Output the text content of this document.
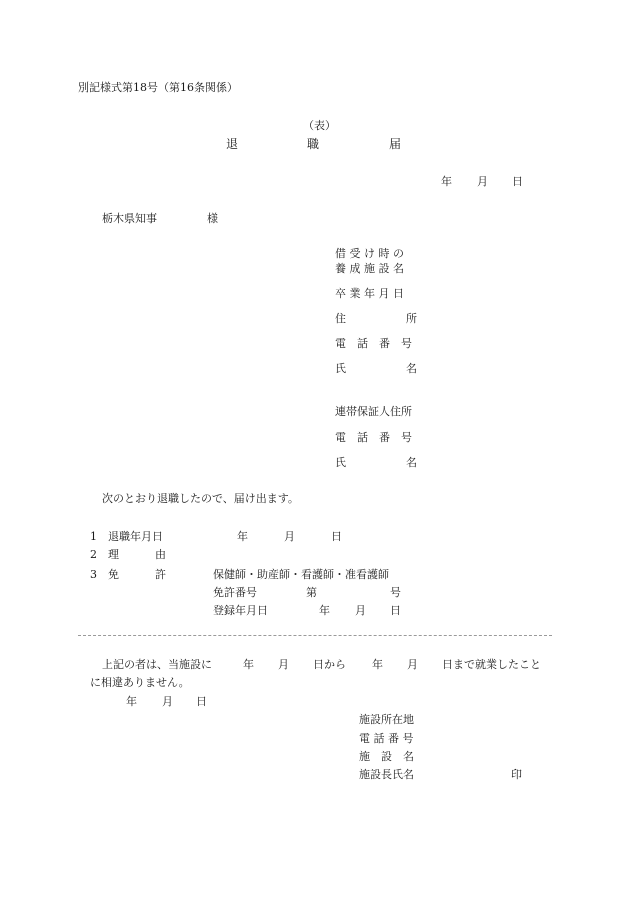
別記様式第18号（第16条関係）
（表）
退	職	届
年 月 日
栃木県知事	様
借 受 け 時 の
養 成 施 設 名
卒 業 年 月 日
住	所
電　話　番　号
氏	名
連帯保証人住所
電　話　番　号
氏	名
次のとおり退職したので、届け出ます。
1 退職年月日	年	月	日
2 理	由
3 免	許	保健師・助産師・看護師・准看護師
免許番号	第	号
登録年月日	年 月 日
上記の者は、当施設に	年 月 日から 年 月 日まで就業したこと
に相違ありません。
年 月 日
施設所在地
電 話 番 号
施　設　名
施設長氏名	印
